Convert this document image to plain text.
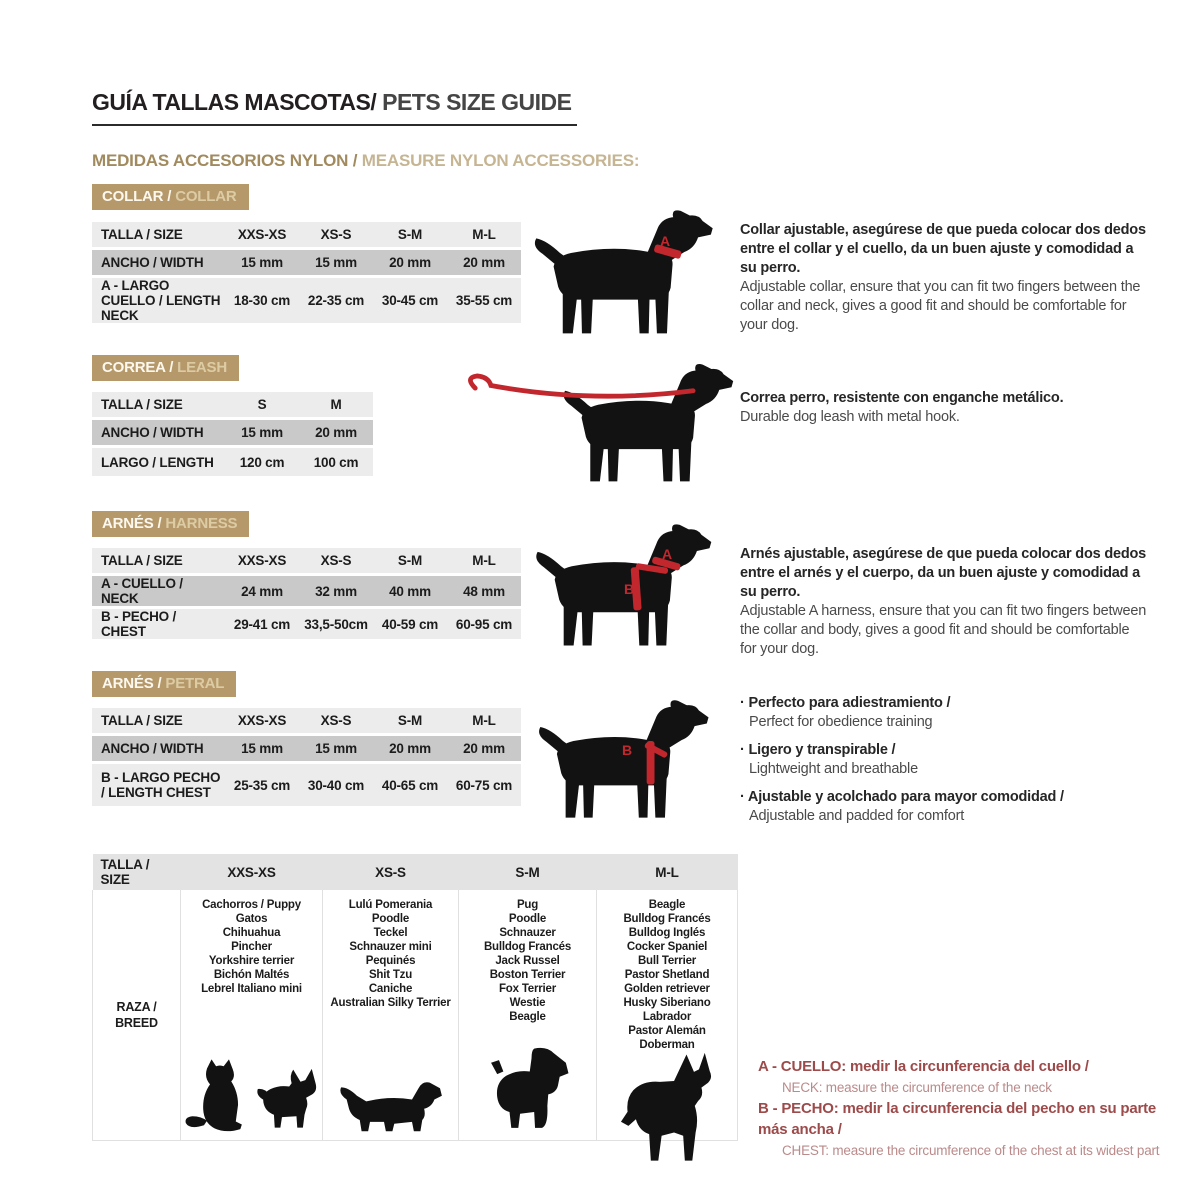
GUÍA TALLAS MASCOTAS/ PETS SIZE GUIDE
MEDIDAS ACCESORIOS NYLON / MEASURE NYLON ACCESSORIES:
COLLAR / COLLAR
TALLA / SIZE	XXS-XS	XS-S	S-M	M-L
ANCHO / WIDTH	15 mm	15 mm	20 mm	20 mm
A - LARGO CUELLO / LENGTH NECK	18-30 cm	22-35 cm	30-45 cm	35-55 cm
A
Collar ajustable, asegúrese de que pueda colocar dos dedos entre el collar y el cuello, da un buen ajuste y comodidad a su perro.
Adjustable collar, ensure that you can fit two fingers between the collar and neck, gives a good fit and should be comfortable for your dog.
CORREA / LEASH
TALLA / SIZE	S	M
ANCHO / WIDTH	15 mm	20 mm
LARGO / LENGTH	120 cm	100 cm
Correa perro, resistente con enganche metálico.
Durable dog leash with metal hook.
ARNÉS / HARNESS
TALLA / SIZE	XXS-XS	XS-S	S-M	M-L
A - CUELLO / NECK	24 mm	32 mm	40 mm	48 mm
B - PECHO / CHEST	29-41 cm	33,5-50cm	40-59 cm	60-95 cm
A
B
Arnés ajustable, asegúrese de que pueda colocar dos dedos entre el arnés y el cuerpo, da un buen ajuste y comodidad a su perro.
Adjustable A harness, ensure that you can fit two fingers between the collar and body, gives a good fit and should be comfortable for your dog.
ARNÉS / PETRAL
TALLA / SIZE	XXS-XS	XS-S	S-M	M-L
ANCHO / WIDTH	15 mm	15 mm	20 mm	20 mm
B - LARGO PECHO / LENGTH CHEST	25-35 cm	30-40 cm	40-65 cm	60-75 cm
B
· Perfecto para adiestramiento /
Perfect for obedience training
· Ligero y transpirable /
Lightweight and breathable
· Ajustable y acolchado para mayor comodidad /
Adjustable and padded for comfort
TALLA / SIZE	XXS-XS	XS-S	S-M	M-L
RAZA / BREED	
Cachorros / Puppy
Gatos
Chihuahua
Pincher
Yorkshire terrier
Bichón Maltés
Lebrel Italiano mini

Lulú Pomerania
Poodle
Teckel
Schnauzer mini
Pequinés
Shit Tzu
Caniche
Australian Silky Terrier

Pug
Poodle
Schnauzer
Bulldog Francés
Jack Russel
Boston Terrier
Fox Terrier
Westie
Beagle

Beagle
Bulldog Francés
Bulldog Inglés
Cocker Spaniel
Bull Terrier
Pastor Shetland
Golden retriever
Husky Siberiano
Labrador
Pastor Alemán
Doberman
A - CUELLO: medir la circunferencia del cuello /
NECK: measure the circumference of the neck
B - PECHO: medir la circunferencia del pecho en su parte más ancha /
CHEST: measure the circumference of the chest at its widest part
